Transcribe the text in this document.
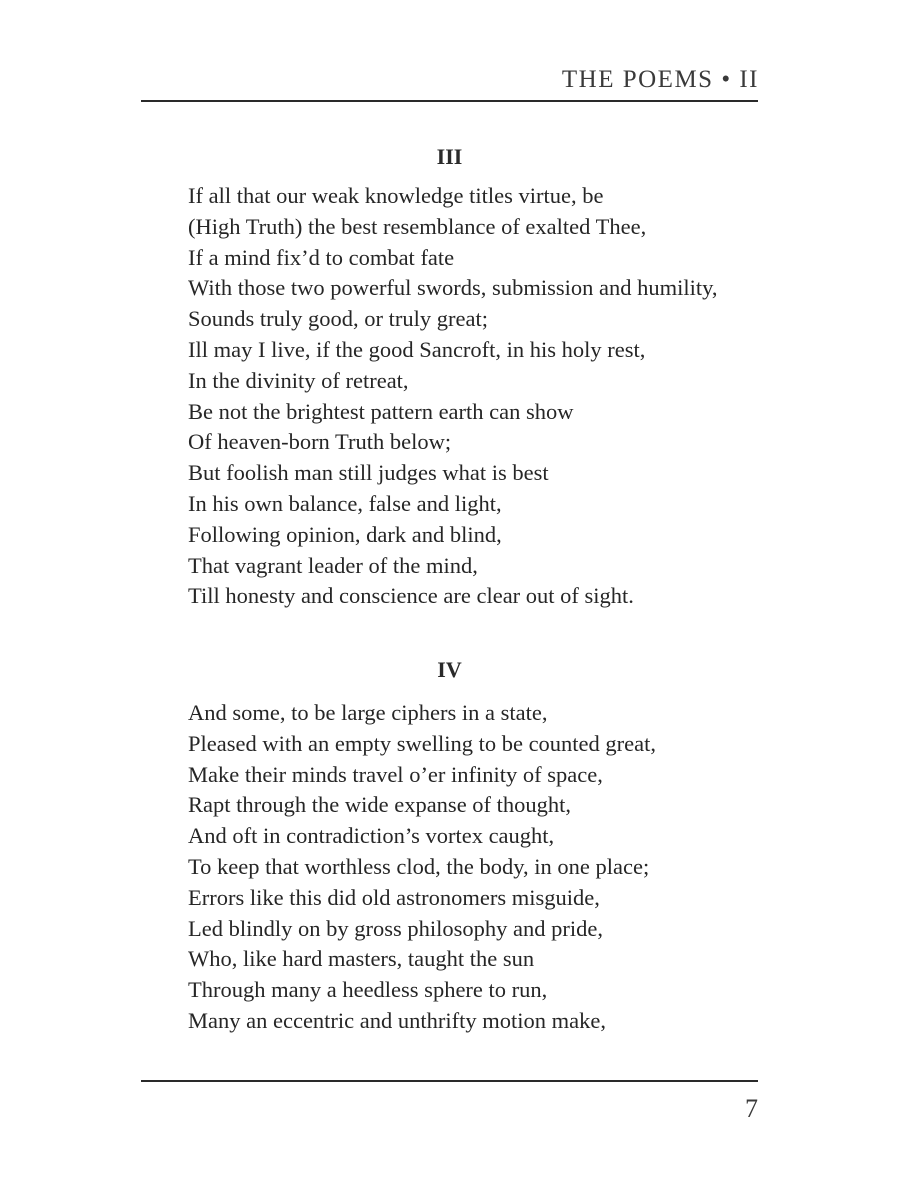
THE POEMS • II
III
If all that our weak knowledge titles virtue, be
(High Truth) the best resemblance of exalted Thee,
If a mind fix’d to combat fate
With those two powerful swords, submission and humility,
Sounds truly good, or truly great;
Ill may I live, if the good Sancroft, in his holy rest,
In the divinity of retreat,
Be not the brightest pattern earth can show
Of heaven-born Truth below;
But foolish man still judges what is best
In his own balance, false and light,
Following opinion, dark and blind,
That vagrant leader of the mind,
Till honesty and conscience are clear out of sight.
IV
And some, to be large ciphers in a state,
Pleased with an empty swelling to be counted great,
Make their minds travel o’er infinity of space,
Rapt through the wide expanse of thought,
And oft in contradiction’s vortex caught,
To keep that worthless clod, the body, in one place;
Errors like this did old astronomers misguide,
Led blindly on by gross philosophy and pride,
Who, like hard masters, taught the sun
Through many a heedless sphere to run,
Many an eccentric and unthrifty motion make,
7
